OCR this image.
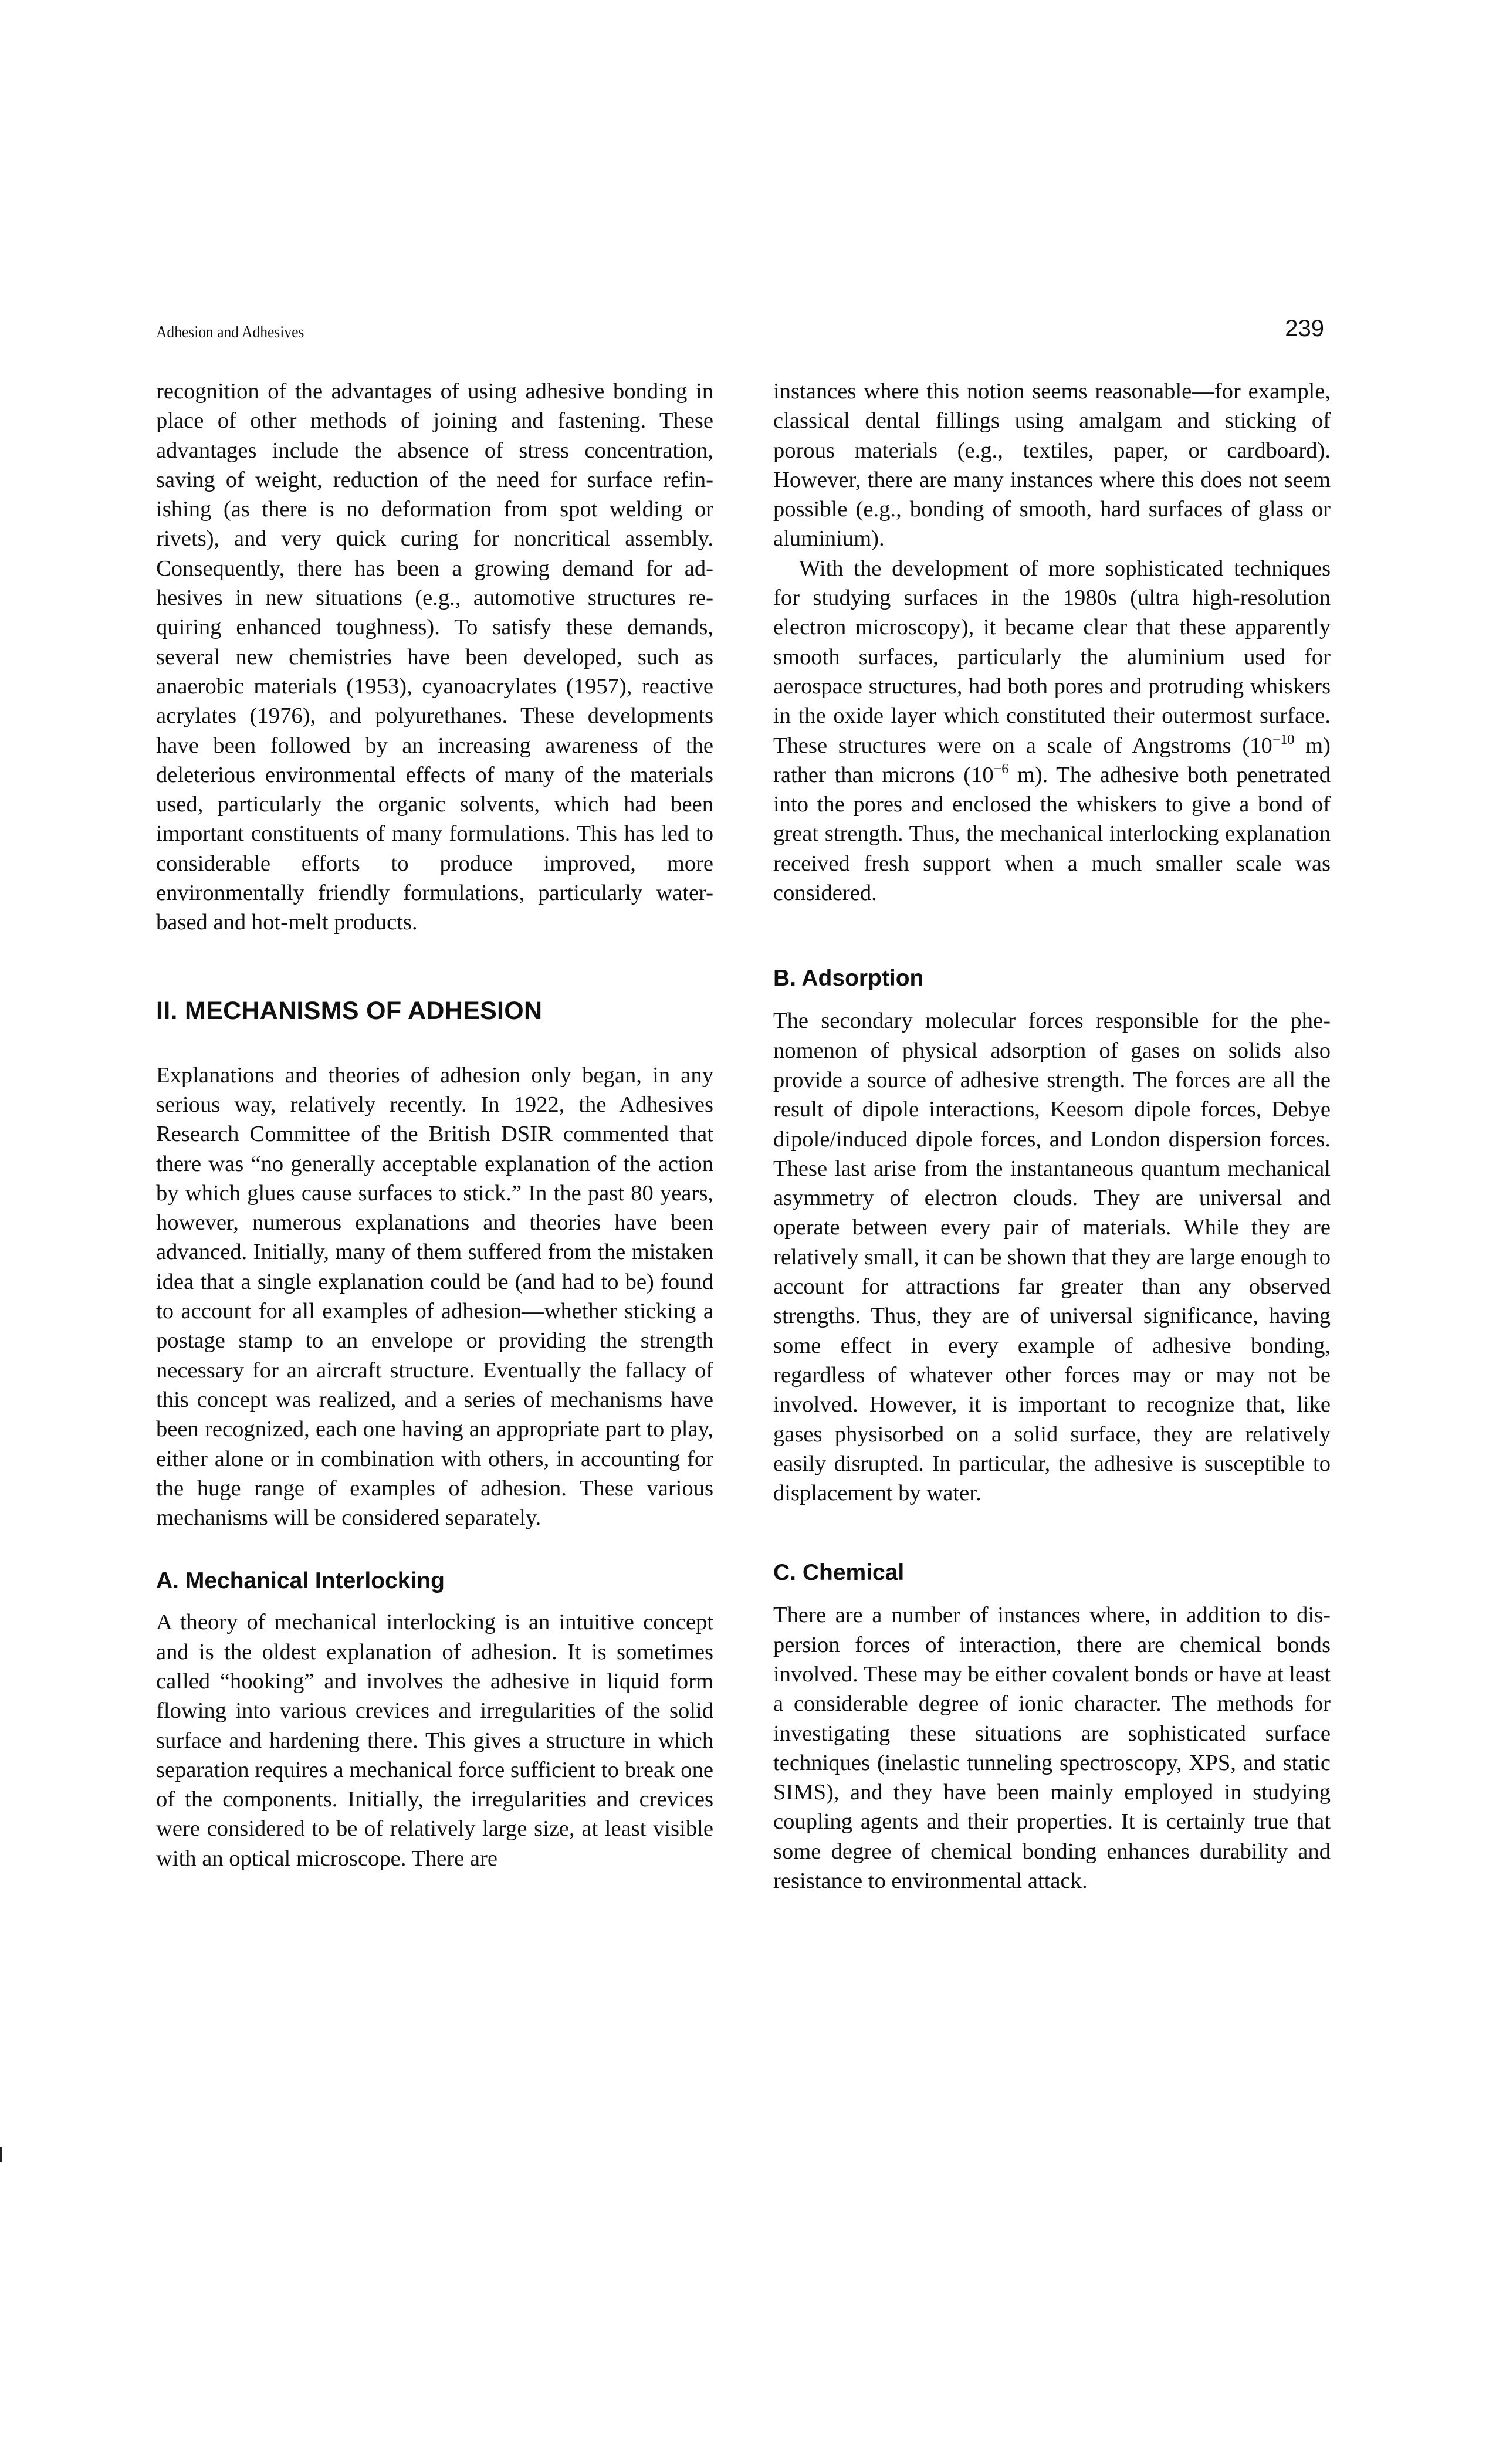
Adhesion and Adhesives	239

recognition of the advantages of using adhesive bonding in place of other methods of joining and fastening. These advantages include the absence of stress concentration, saving of weight, reduction of the need for surface refinishing (as there is no deformation from spot welding or rivets), and very quick curing for noncritical assembly. Consequently, there has been a growing demand for adhesives in new situations (e.g., automotive structures requiring enhanced toughness). To satisfy these demands, several new chemistries have been developed, such as anaerobic materials (1953), cyanoacrylates (1957), reactive acrylates (1976), and polyurethanes. These developments have been followed by an increasing awareness of the deleterious environmental effects of many of the materials used, particularly the organic solvents, which had been important constituents of many formulations. This has led to considerable efforts to produce improved, more environmentally friendly formulations, particularly water-based and hot-melt products.

II. MECHANISMS OF ADHESION

Explanations and theories of adhesion only began, in any serious way, relatively recently. In 1922, the Adhesives Research Committee of the British DSIR commented that there was “no generally acceptable explanation of the action by which glues cause surfaces to stick.” In the past 80 years, however, numerous explanations and theories have been advanced. Initially, many of them suffered from the mistaken idea that a single explanation could be (and had to be) found to account for all examples of adhesion—whether sticking a postage stamp to an envelope or providing the strength necessary for an aircraft structure. Eventually the fallacy of this concept was realized, and a series of mechanisms have been recognized, each one having an appropriate part to play, either alone or in combination with others, in accounting for the huge range of examples of adhesion. These various mechanisms will be considered separately.

A. Mechanical Interlocking

A theory of mechanical interlocking is an intuitive concept and is the oldest explanation of adhesion. It is sometimes called “hooking” and involves the adhesive in liquid form flowing into various crevices and irregularities of the solid surface and hardening there. This gives a structure in which separation requires a mechanical force sufficient to break one of the components. Initially, the irregularities and crevices were considered to be of relatively large size, at least visible with an optical microscope. There are

instances where this notion seems reasonable—for example, classical dental fillings using amalgam and sticking of porous materials (e.g., textiles, paper, or cardboard). However, there are many instances where this does not seem possible (e.g., bonding of smooth, hard surfaces of glass or aluminium).

With the development of more sophisticated techniques for studying surfaces in the 1980s (ultra high-resolution electron microscopy), it became clear that these apparently smooth surfaces, particularly the aluminium used for aerospace structures, had both pores and protruding whiskers in the oxide layer which constituted their outermost surface. These structures were on a scale of Angstroms ($10^{-10}$ m) rather than microns ($10^{-6}$ m). The adhesive both penetrated into the pores and enclosed the whiskers to give a bond of great strength. Thus, the mechanical interlocking explanation received fresh support when a much smaller scale was considered.

B. Adsorption

The secondary molecular forces responsible for the phenomenon of physical adsorption of gases on solids also provide a source of adhesive strength. The forces are all the result of dipole interactions, Keesom dipole forces, Debye dipole/induced dipole forces, and London dispersion forces. These last arise from the instantaneous quantum mechanical asymmetry of electron clouds. They are universal and operate between every pair of materials. While they are relatively small, it can be shown that they are large enough to account for attractions far greater than any observed strengths. Thus, they are of universal significance, having some effect in every example of adhesive bonding, regardless of whatever other forces may or may not be involved. However, it is important to recognize that, like gases physisorbed on a solid surface, they are relatively easily disrupted. In particular, the adhesive is susceptible to displacement by water.

C. Chemical

There are a number of instances where, in addition to dispersion forces of interaction, there are chemical bonds involved. These may be either covalent bonds or have at least a considerable degree of ionic character. The methods for investigating these situations are sophisticated surface techniques (inelastic tunneling spectroscopy, XPS, and static SIMS), and they have been mainly employed in studying coupling agents and their properties. It is certainly true that some degree of chemical bonding enhances durability and resistance to environmental attack.
